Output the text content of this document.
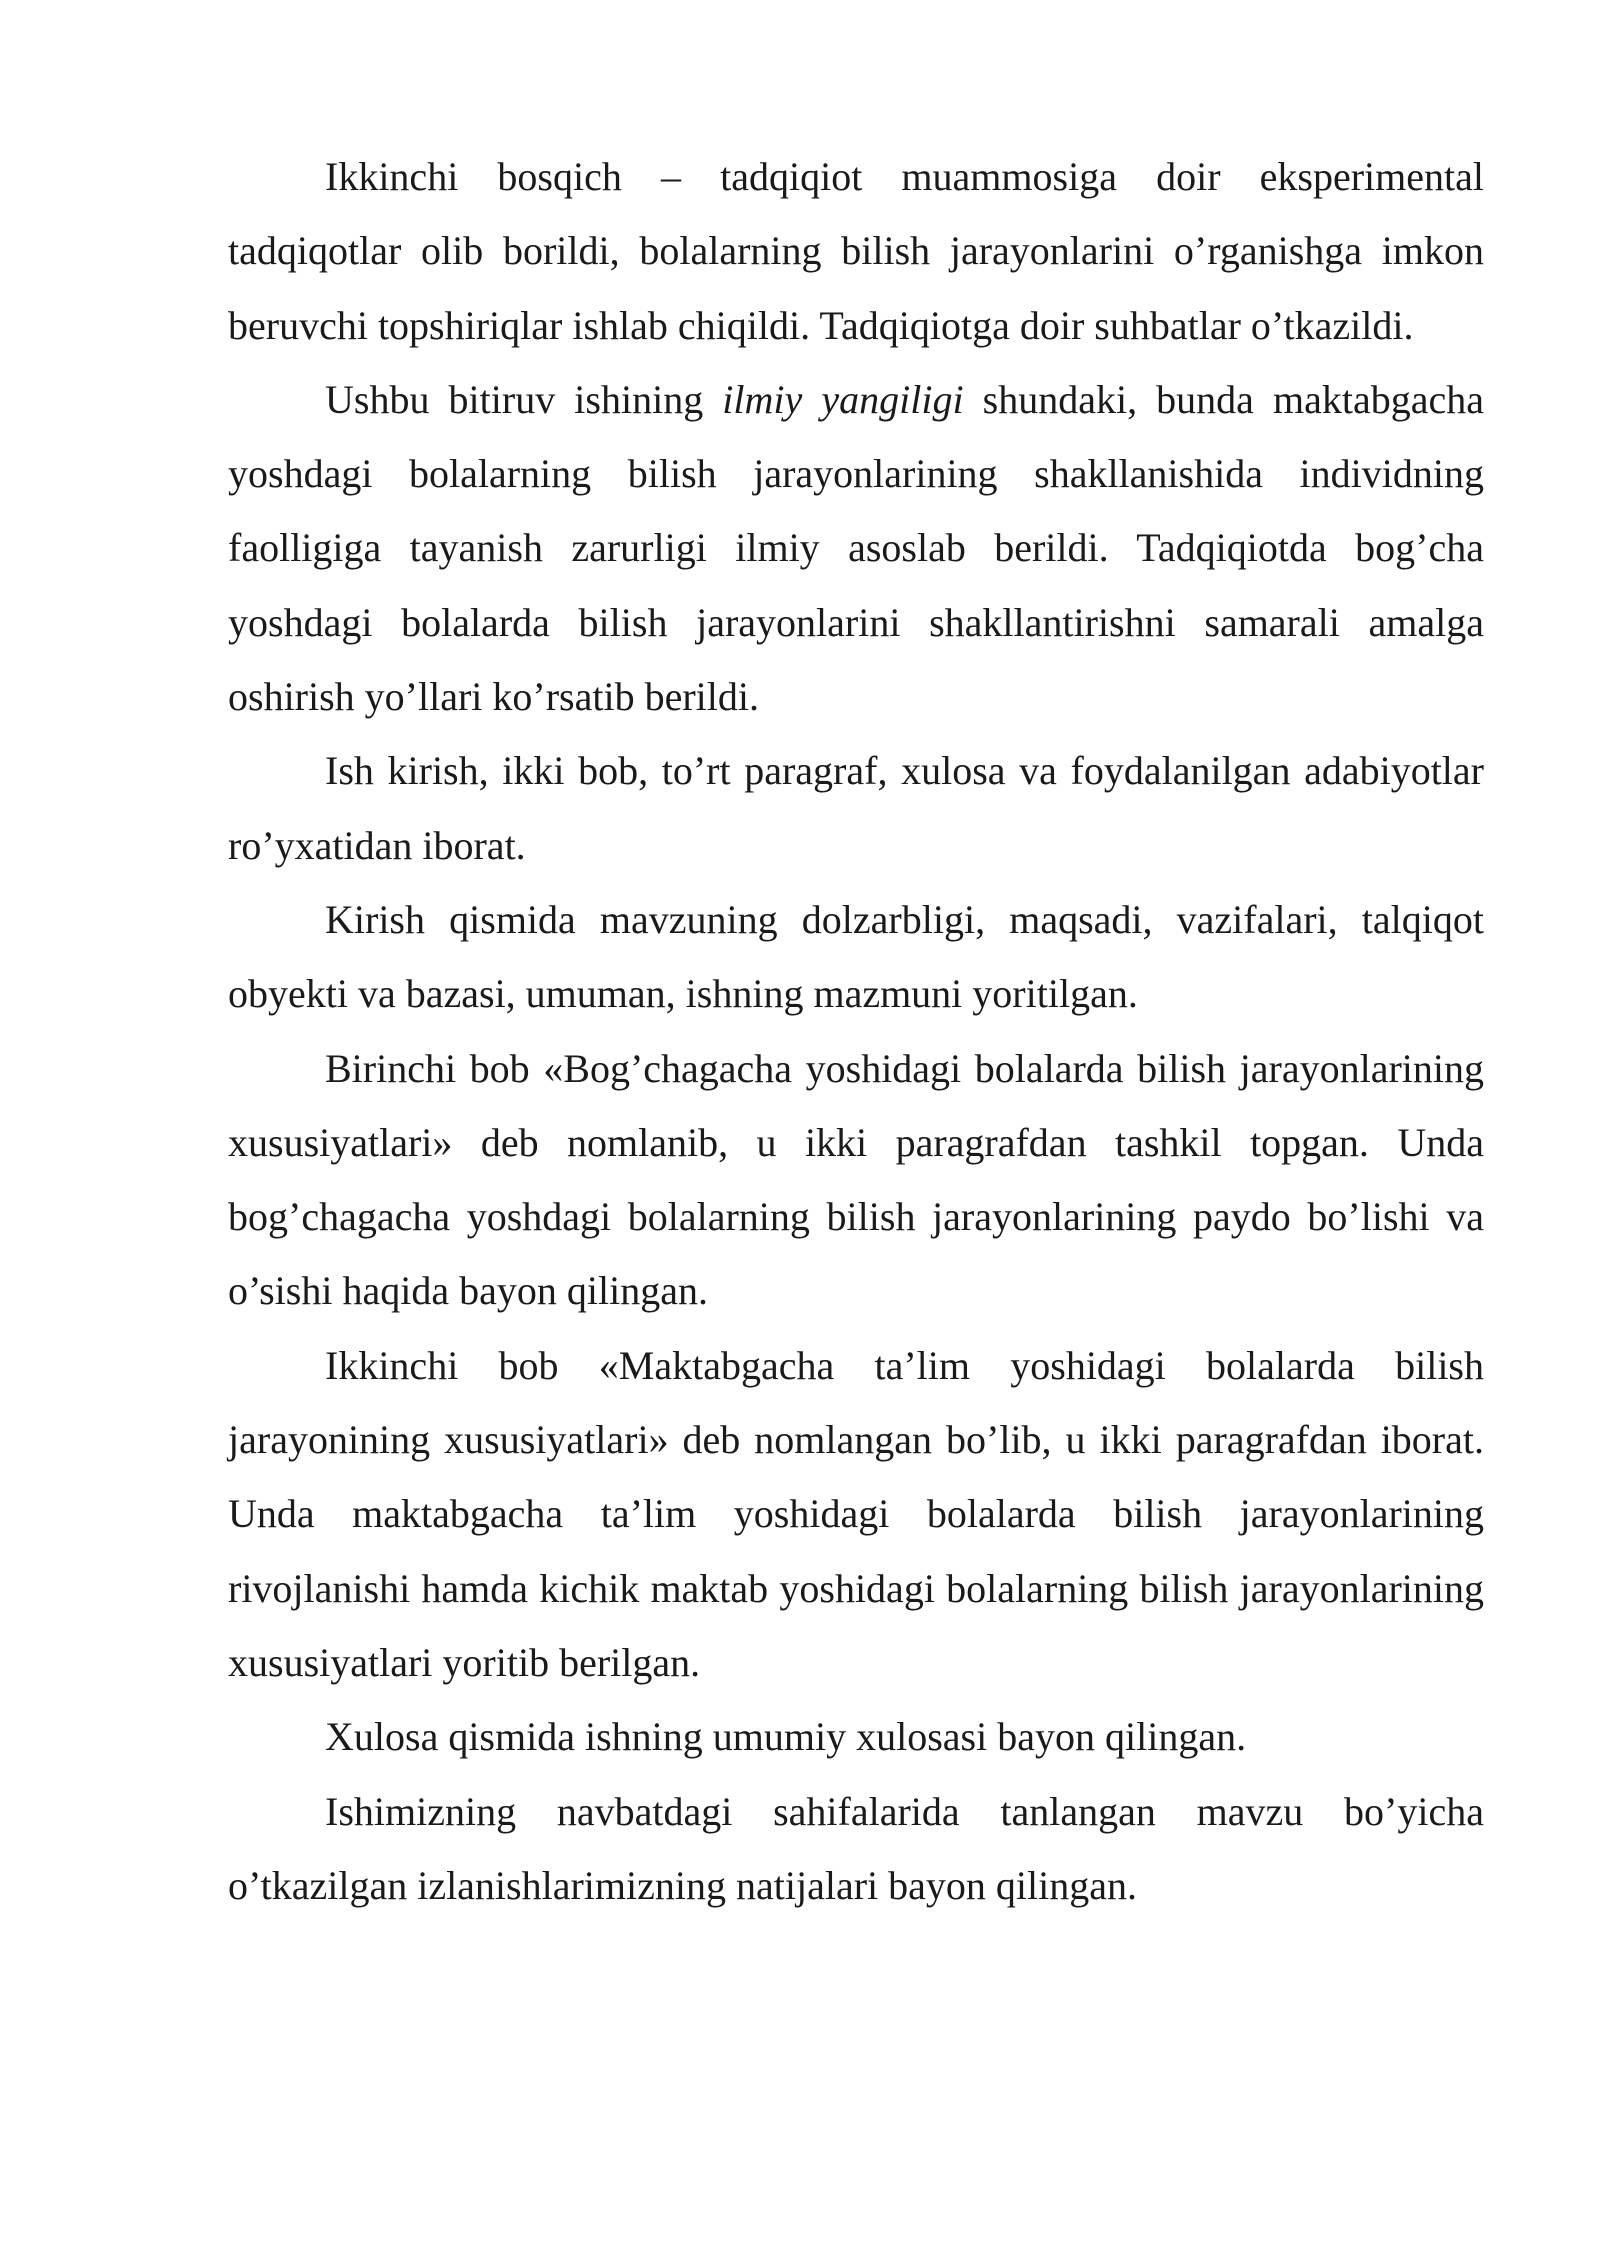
Ikkinchi bosqich – tadqiqiot muammosiga doir eksperimental tadqiqotlar olib borildi, bolalarning bilish jarayonlarini o’rganishga imkon beruvchi topshiriqlar ishlab chiqildi. Tadqiqiotga doir suhbatlar o’tkazildi.

Ushbu bitiruv ishining ilmiy yangiligi shundaki, bunda maktabgacha yoshdagi bolalarning bilish jarayonlarining shakllanishida individning faolligiga tayanish zarurligi ilmiy asoslab berildi. Tadqiqiotda bog’cha yoshdagi bolalarda bilish jarayonlarini shakllantirishni samarali amalga oshirish yo’llari ko’rsatib berildi.

Ish kirish, ikki bob, to’rt paragraf, xulosa va foydalanilgan adabiyotlar ro’yxatidan iborat.

Kirish qismida mavzuning dolzarbligi, maqsadi, vazifalari, talqiqot obyekti va bazasi, umuman, ishning mazmuni yoritilgan.

Birinchi bob «Bog’chagacha yoshidagi bolalarda bilish jarayonlarining xususiyatlari» deb nomlanib, u ikki paragrafdan tashkil topgan. Unda bog’chagacha yoshdagi bolalarning bilish jarayonlarining paydo bo’lishi va o’sishi haqida bayon qilingan.

Ikkinchi bob «Maktabgacha ta’lim yoshidagi bolalarda bilish jarayonining xususiyatlari» deb nomlangan bo’lib, u ikki paragrafdan iborat. Unda maktabgacha ta’lim yoshidagi bolalarda bilish jarayonlarining rivojlanishi hamda kichik maktab yoshidagi bolalarning bilish jarayonlarining xususiyatlari yoritib berilgan.

Xulosa qismida ishning umumiy xulosasi bayon qilingan.

Ishimizning navbatdagi sahifalarida tanlangan mavzu bo’yicha o’tkazilgan izlanishlarimizning natijalari bayon qilingan.
